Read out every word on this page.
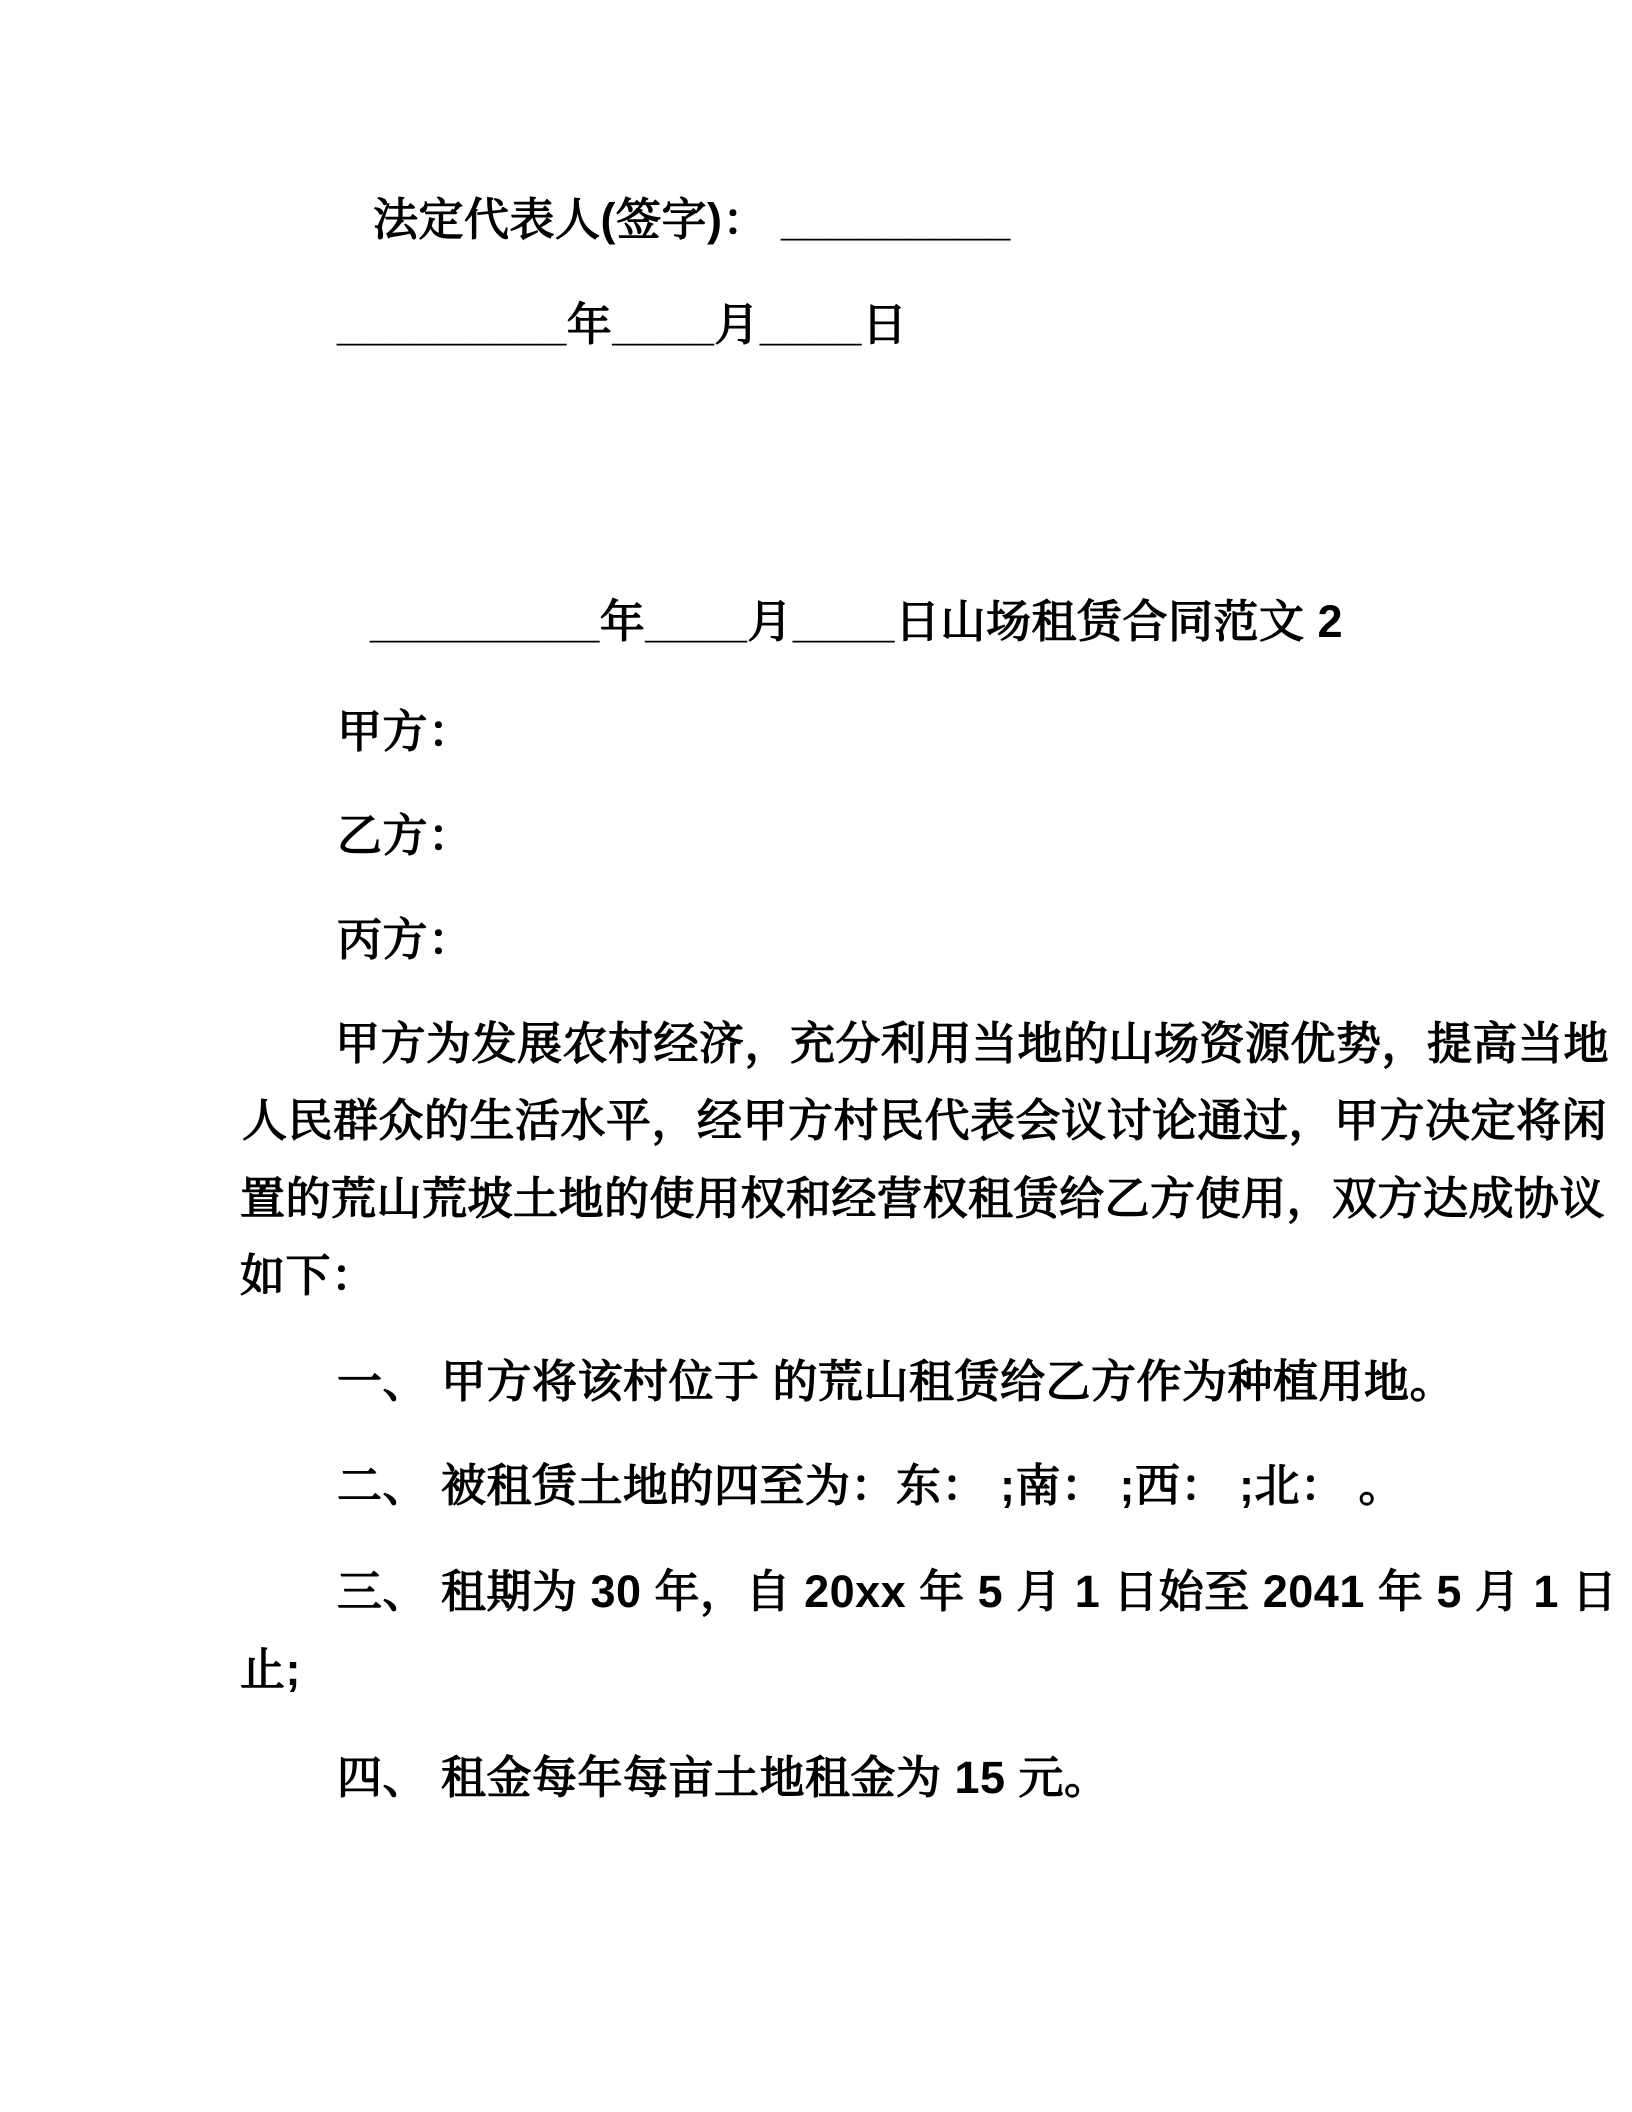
法定代表人(签字)： _________
_________年____月____日
_________年____月____日山场租赁合同范文 2
甲方：
乙方：
丙方：
甲方为发展农村经济，充分利用当地的山场资源优势，提高当地
人民群众的生活水平，经甲方村民代表会议讨论通过，甲方决定将闲
置的荒山荒坡土地的使用权和经营权租赁给乙方使用，双方达成协议
如下：
一、 甲方将该村位于 的荒山租赁给乙方作为种植用地。
二、 被租赁土地的四至为：东： ;南： ;西： ;北： 。
三、 租期为 30 年，自 20xx 年 5 月 1 日始至 2041 年 5 月 1 日
止;
四、 租金每年每亩土地租金为 15 元。
